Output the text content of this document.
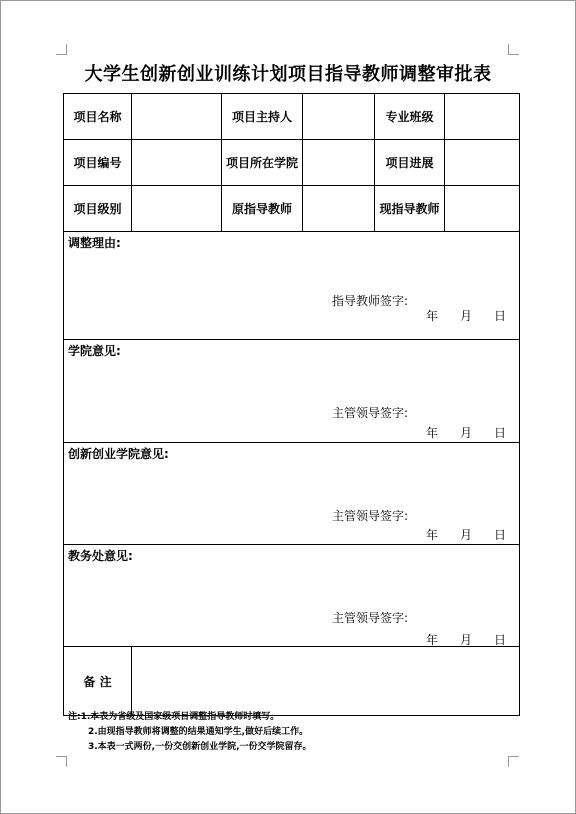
大学生创新创业训练计划项目指导教师调整审批表
项目名称		项目主持人		专业班级	
项目编号		项目所在学院		项目进展	
项目级别		原指导教师		现指导教师	

调整理由:
指导教师签字:
年 月 日					

学院意见:
主管领导签字:
年 月 日					

创新创业学院意见:
主管领导签字:
年 月 日					

教务处意见:
主管领导签字:
年 月 日					

备 注					
注:1.本表为省级及国家级项目调整指导教师时填写。
2.由现指导教师将调整的结果通知学生,做好后续工作。
3.本表一式两份,一份交创新创业学院,一份交学院留存。
